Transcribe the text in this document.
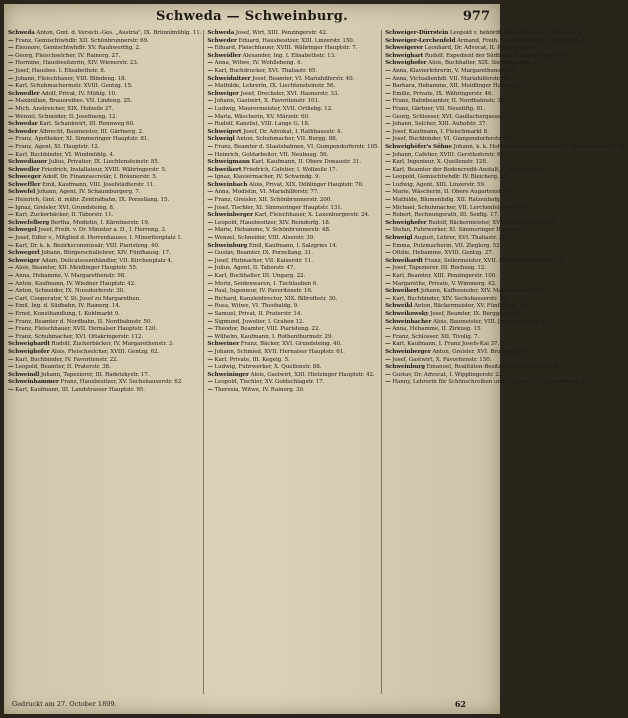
Schweda — Schweinburg.	977
Schweda Anton, Gmt. d. Versich.-Ges. „Austria", IX. Brünnlmühlg. 11.
— Franz, Gemischtwhdlr. XII. Schönbrunnerstr. 69.
— Eleonore, Gemischtwhdlr. XV. Rauhwerthg. 2.
— Georg, Fleischselcher, IV. Rainerg. 27.
— Hermine, Hausbesitzerin, XIV. Wienerstr. 23.
— Josef, Hausbes. I. Elisabethstr. 8.
— Johann, Fleischhauer, VIII. Blindeng. 18.
— Karl, Schuhmachermstr. XVIII. Gentzg. 15.
Schwedler Adolf, Privat, IV. Mühlg. 10.
— Maximilian, Brauereibes. VII. Lindeng. 25.
— Mich. Anstreicher, XIX. Hofzeile 27.
— Wenzel, Schneider, II. Josefineng. 12.
Schwedar Karl, Schankwirt, III. Rennweg 60.
Schweder Albrecht, Baumeister, III. Gärtnerg. 2.
— Franz, Apotheker, XI. Simmeringer Hauptstr. 81.
— Franz, Agent, XI. Hauptstr. 12.
— Karl, Buchbinder, VI. Windmühlg. 4.
Schwediauer Julius, Privatier, IX. Liechtensteinstr. 85.
Schwedler Friedrich, Installateur, XVIII. Währingerstr. 5.
Schweeger Adolf, Dr. Finanzsecretär, I. Bräunerstr. 5.
Schweffler Emil, Kaufmann, VIII. Josefstädterstr. 11.
Schwefel Johann, Agent, IV. Schaumburgerg. 7.
— Heinrich, Gmt. d. mähr. Zentralbahn, IX. Porzellang. 15.
— Ignaz, Greisler, XVI. Grundsteing. 8.
— Karl, Zuckerbäcker, II. Taborstr. 11.
Schwefelberg Bertha, Modistin, I. Kärntnerstr. 19.
Schwegel Josef, Freih. v. Dr. Minister a. D., I. Herreng. 3.
— Josef, Edler v., Mitglied d. Herrenhauses, I. Minoritenplatz 1.
— Karl, Dr. k. k. Bezirkscommissär, VIII. Piaristeng. 40.
Schwegerl Johann, Bürgerschullehrer, XIV. Fünfhausg. 17.
Schweiger Adam, Delicatessenhändler, VII. Kirchenplatz 4.
— Alois, Beamter, XII. Meidlinger Hauptstr. 55.
— Anna, Hebamme, V. Margarethenstr. 98.
— Anton, Kaufmann, IV. Wiedner Hauptstr. 42.
— Anton, Schneider, IX. Nussdorferstr. 30.
— Carl, Cooperator, V. St. Josef zu Margarethen.
— Emil, Ing. d. Südbahn, IV. Rainerg. 14.
— Ernst, Kunsthandlung, I. Kohlmarkt 9.
— Franz, Beamter d. Nordbahn, II. Nordbahnstr. 50.
— Franz, Fleischhauer, XVII. Hernalser Hauptstr. 120.
— Franz, Schuhmacher, XVI. Ottakringerstr. 112.
Schweighardt Rudolf, Zuckerbäcker, IV. Margarethenstr. 3.
Schweighofer Alois, Fleischselcher, XVIII. Gentzg. 62.
— Karl, Buchbinder, IV. Favoritenstr. 22.
— Leopold, Beamter, II. Praterstr. 38.
Schweindl Johann, Tapezierer, III. Radetzkystr. 17.
Schweinhammer Franz, Hausbesitzer, XV. Sechshauserstr. 62.
— Karl, Kaufmann, III. Landstrasser Hauptstr. 95.
Schweda Josef, Wirt, XIII. Penzingerstr. 42.
Schweder Eduard, Hausbesitzer, XIII. Linzerstr. 150.
— Eduard, Fleischhauer, XVIII. Währinger Hauptstr. 7.
Schweidler Alexander, Ing. I. Elisabethstr. 13.
— Anna, Witwe, IV. Wohllebeng. 4.
— Karl, Buchdrucker, XVI. Thaliastr. 65.
Schweidnitzer Josef, Beamter, VI. Mariahilferstr. 40.
— Mathilde, Lehrerin, IX. Liechtensteinstr. 56.
Schweiger Josef, Drechsler, XVI. Hasnerstr. 33.
— Johann, Gastwirt, X. Favoritenstr. 101.
— Ludwig, Maurermeister, XVII. Ortliebg. 12.
— Maria, Wäscherin, XV. Märzstr. 60.
— Rudolf, Kanzlist, VIII. Lange G. 18.
Schweigert Josef, Dr. Advokat, I. Rathhausstr. 4.
Schweigl Anton, Schuhmacher, VII. Burgg. 88.
— Franz, Beamter d. Staatsbahnen, VI. Gumpendorferstr. 105.
— Heinrich, Goldarbeiter, VII. Neubaug. 56.
Schweigmann Karl, Kaufmann, II. Obere Donaustr. 31.
Schweikert Friedrich, Cafetier, I. Wollzeile 17.
— Ignaz, Klaviermacher, IV. Schwindg. 9.
Schweinbach Alois, Privat, XIX. Döblinger Hauptstr. 70.
— Anna, Modistin, VI. Mariahilferstr. 77.
— Franz, Greisler, XII. Schönbrunnerstr. 200.
— Josef, Tischler, XI. Simmeringer Hauptstr. 131.
Schweinberger Karl, Fleischhauer, X. Laxenburgerstr. 24.
— Leopold, Hausbesitzer, XIV. Reindorfg. 18.
— Marie, Hebamme, V. Schönbrunnerstr. 48.
— Wenzel, Schneider, VIII. Alserstr. 39.
Schweinburg Emil, Kaufmann, I. Salzgries 14.
— Gustav, Beamter, IX. Porzellang. 31.
— Josef, Hutmacher, VII. Kaiserstr. 11.
— Julius, Agent, II. Taborstr. 47.
— Karl, Buchhalter, III. Ungarg. 22.
— Moriz, Seidenwaren, I. Tuchlauben 6.
— Paul, Ingenieur, IV. Favoritenstr. 16.
— Richard, Kanzleidirector, XIX. Billrothstr. 30.
— Rosa, Witwe, VI. Theobaldg. 9.
— Samuel, Privat, II. Praterstr. 14.
— Sigmund, Juwelier, I. Graben 12.
— Theodor, Beamter, VIII. Piaristeng. 22.
— Wilhelm, Kaufmann, I. Rothenthurmstr. 29.
Schweiner Franz, Bäcker, XVI. Grundsteing. 40.
— Johann, Schmied, XVII. Hernalser Hauptstr. 61.
— Karl, Private, III. Kegelg. 5.
— Ludwig, Fuhrwerker, X. Quellenstr. 88.
Schweininger Alois, Gastwirt, XIII. Hietzinger Hauptstr. 42.
— Leopold, Tischler, XV. Goldschlagstr. 17.
— Theresia, Witwe, IV. Rainerg. 30.
Schweiger-Dürrstein Leopold v. behördl. aut. Civil-Ing. III. Ungarg. 9.
Schweiger-Lerchenfeld Armand, Freih. v., Schriftsteller, V. Rüdigerg. 13.
Schweigerer Leonhard, Dr. Advocat, II. Praterstr. 10.
Schweighart Rudolf, Expedient der Südbahn, X. Laxenburgerstr. 1.
Schweighofer Alois, Buchhalter, XIX. Sieveringerstr. 25.
— Anna, Klavierlehrerin, V. Margarethenstr. 64.
— Anna, Victualienhdl. VII. Mariahilferstr. 94.
— Barbara, Hebamme, XII. Meidlinger Hauptstr. 41.
— Emilie, Private, IX. Währingerstr. 46.
— Franz, Bahnbeamter, II. Nordbahnstr. 38.
— Franz, Gärtner, VII. Neustiftg. 81.
— Georg, Schlosser, XVI. Gaullachergasse 3.
— Johann, Selcher, XIII. Auhofstr. 37.
— Josef, Kaufmann, I. Fleischmarkt 8.
— Josef, Buchbinder, VI. Gumpendorferstr. 33.
Schweighöfer's Söhne Johann, k. k. Hof-Pianofortefabrikanten, V. Margarethenstr. 35.
— Johann, Cafetier, XVIII. Gersthoferstr. 65.
— Karl, Ingenieur, X. Quellenstr. 128.
— Karl, Beamter der Bodencredit-Anstalt, I. Teinfaltstr. 8.
— Leopold, Gemischtwhdlr. IV. Bleicherg. 15.
— Ludwig, Agent, XIII. Linzerstr. 59.
— Marie, Wäscherin, II. Obere Augartenstr. 36.
— Mathilde, Blumenhdlg. XII. Ratzenhofg. 3.
— Michael, Schuhmacher, VII. Lerchenfelderstr. 102.
— Robert, Rechnungsrath, III. Seidlg. 17.
Schweighofer Rudolf, Bäckermeister, XVI. Ottakringerstr. 62.
— Stefan, Fuhrwerker, XI. Simmeringer Hauptstr. 1.
Schweigl August, Lehrer, XVI. Thaliastr. 30.
— Emma, Putzmacherin, VII. Zieglerg. 52.
— Ottilie, Hebamme, XVIII. Gentzg. 27.
Schweikardt Franz, Seilermeister, XVII. Hernalser Hauptstr. 39.
— Josef, Tapezierer, III. Rochusg. 12.
— Karl, Beamter, XIII. Penzingerstr. 100.
— Margarethe, Private, V. Wimmerg. 42.
Schweikert Johann, Kaffeesieder, XIV. Mariahilferstr. 175.
— Karl, Buchbinder, XIV. Sechshauserstr. 36.
Schweikl Anton, Bäckermeister, XV. Fünfhausg. 19.
Schweikowsky Josef, Beamter, IX. Berggasse 16.
Schweinbacher Alois, Baumeister, VIII. Josefstädterstr. 40.
— Anna, Hebamme, II. Zirkusg. 15.
— Franz, Schlosser, XII. Tivolig. 7.
— Karl, Kaufmann, I. Franz Josefs-Kai 37.
Schweinberger Anton, Greisler, XVI. Brunneng. 21.
— Josef, Gastwirt, X. Favoritenstr. 150.
Schweinburg Emanuel, Realitäten-Besitzer, IX. Schlickplatz 4.
— Gustav, Dr. Advocat, I. Wipplingerstr. 23.
— Hanny, Lehrerin für Schönschreiben und Zeichnen, VI. Barnabiteng. 10.
Gedruckt am 27. October 1899.	62
